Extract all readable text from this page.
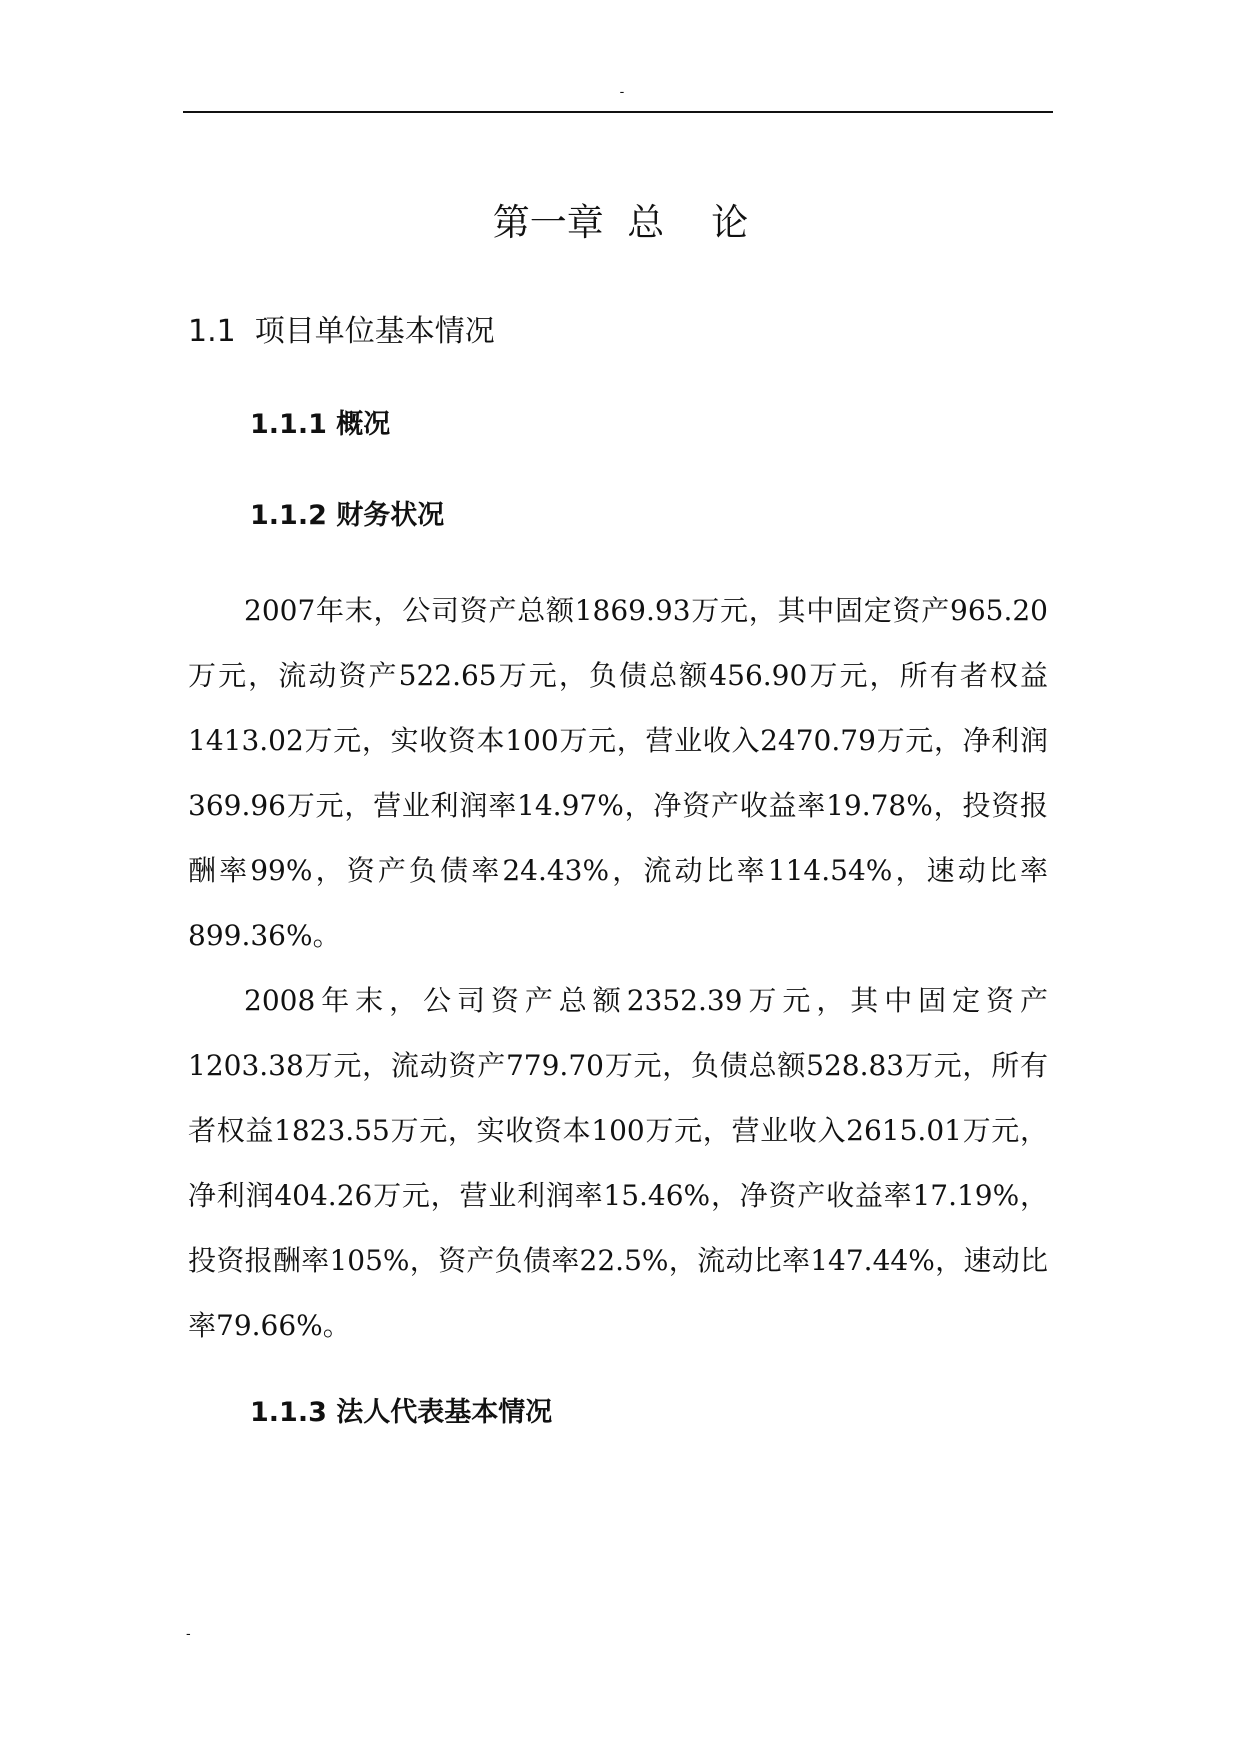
-
第一章  总    论
1.1  项目单位基本情况
1.1.1 概况
1.1.2 财务状况
2007年末，公司资产总额1869.93万元，其中固定资产965.20万元，流动资产522.65万元，负债总额456.90万元，所有者权益1413.02万元，实收资本100万元，营业收入2470.79万元，净利润369.96万元，营业利润率14.97%，净资产收益率19.78%，投资报酬率99%，资产负债率24.43%，流动比率114.54%，速动比率899.36%。
2008年末，公司资产总额2352.39万元，其中固定资产1203.38万元，流动资产779.70万元，负债总额528.83万元，所有者权益1823.55万元，实收资本100万元，营业收入2615.01万元，净利润404.26万元，营业利润率15.46%，净资产收益率17.19%，投资报酬率105%，资产负债率22.5%，流动比率147.44%，速动比率79.66%。
1.1.3 法人代表基本情况
-
